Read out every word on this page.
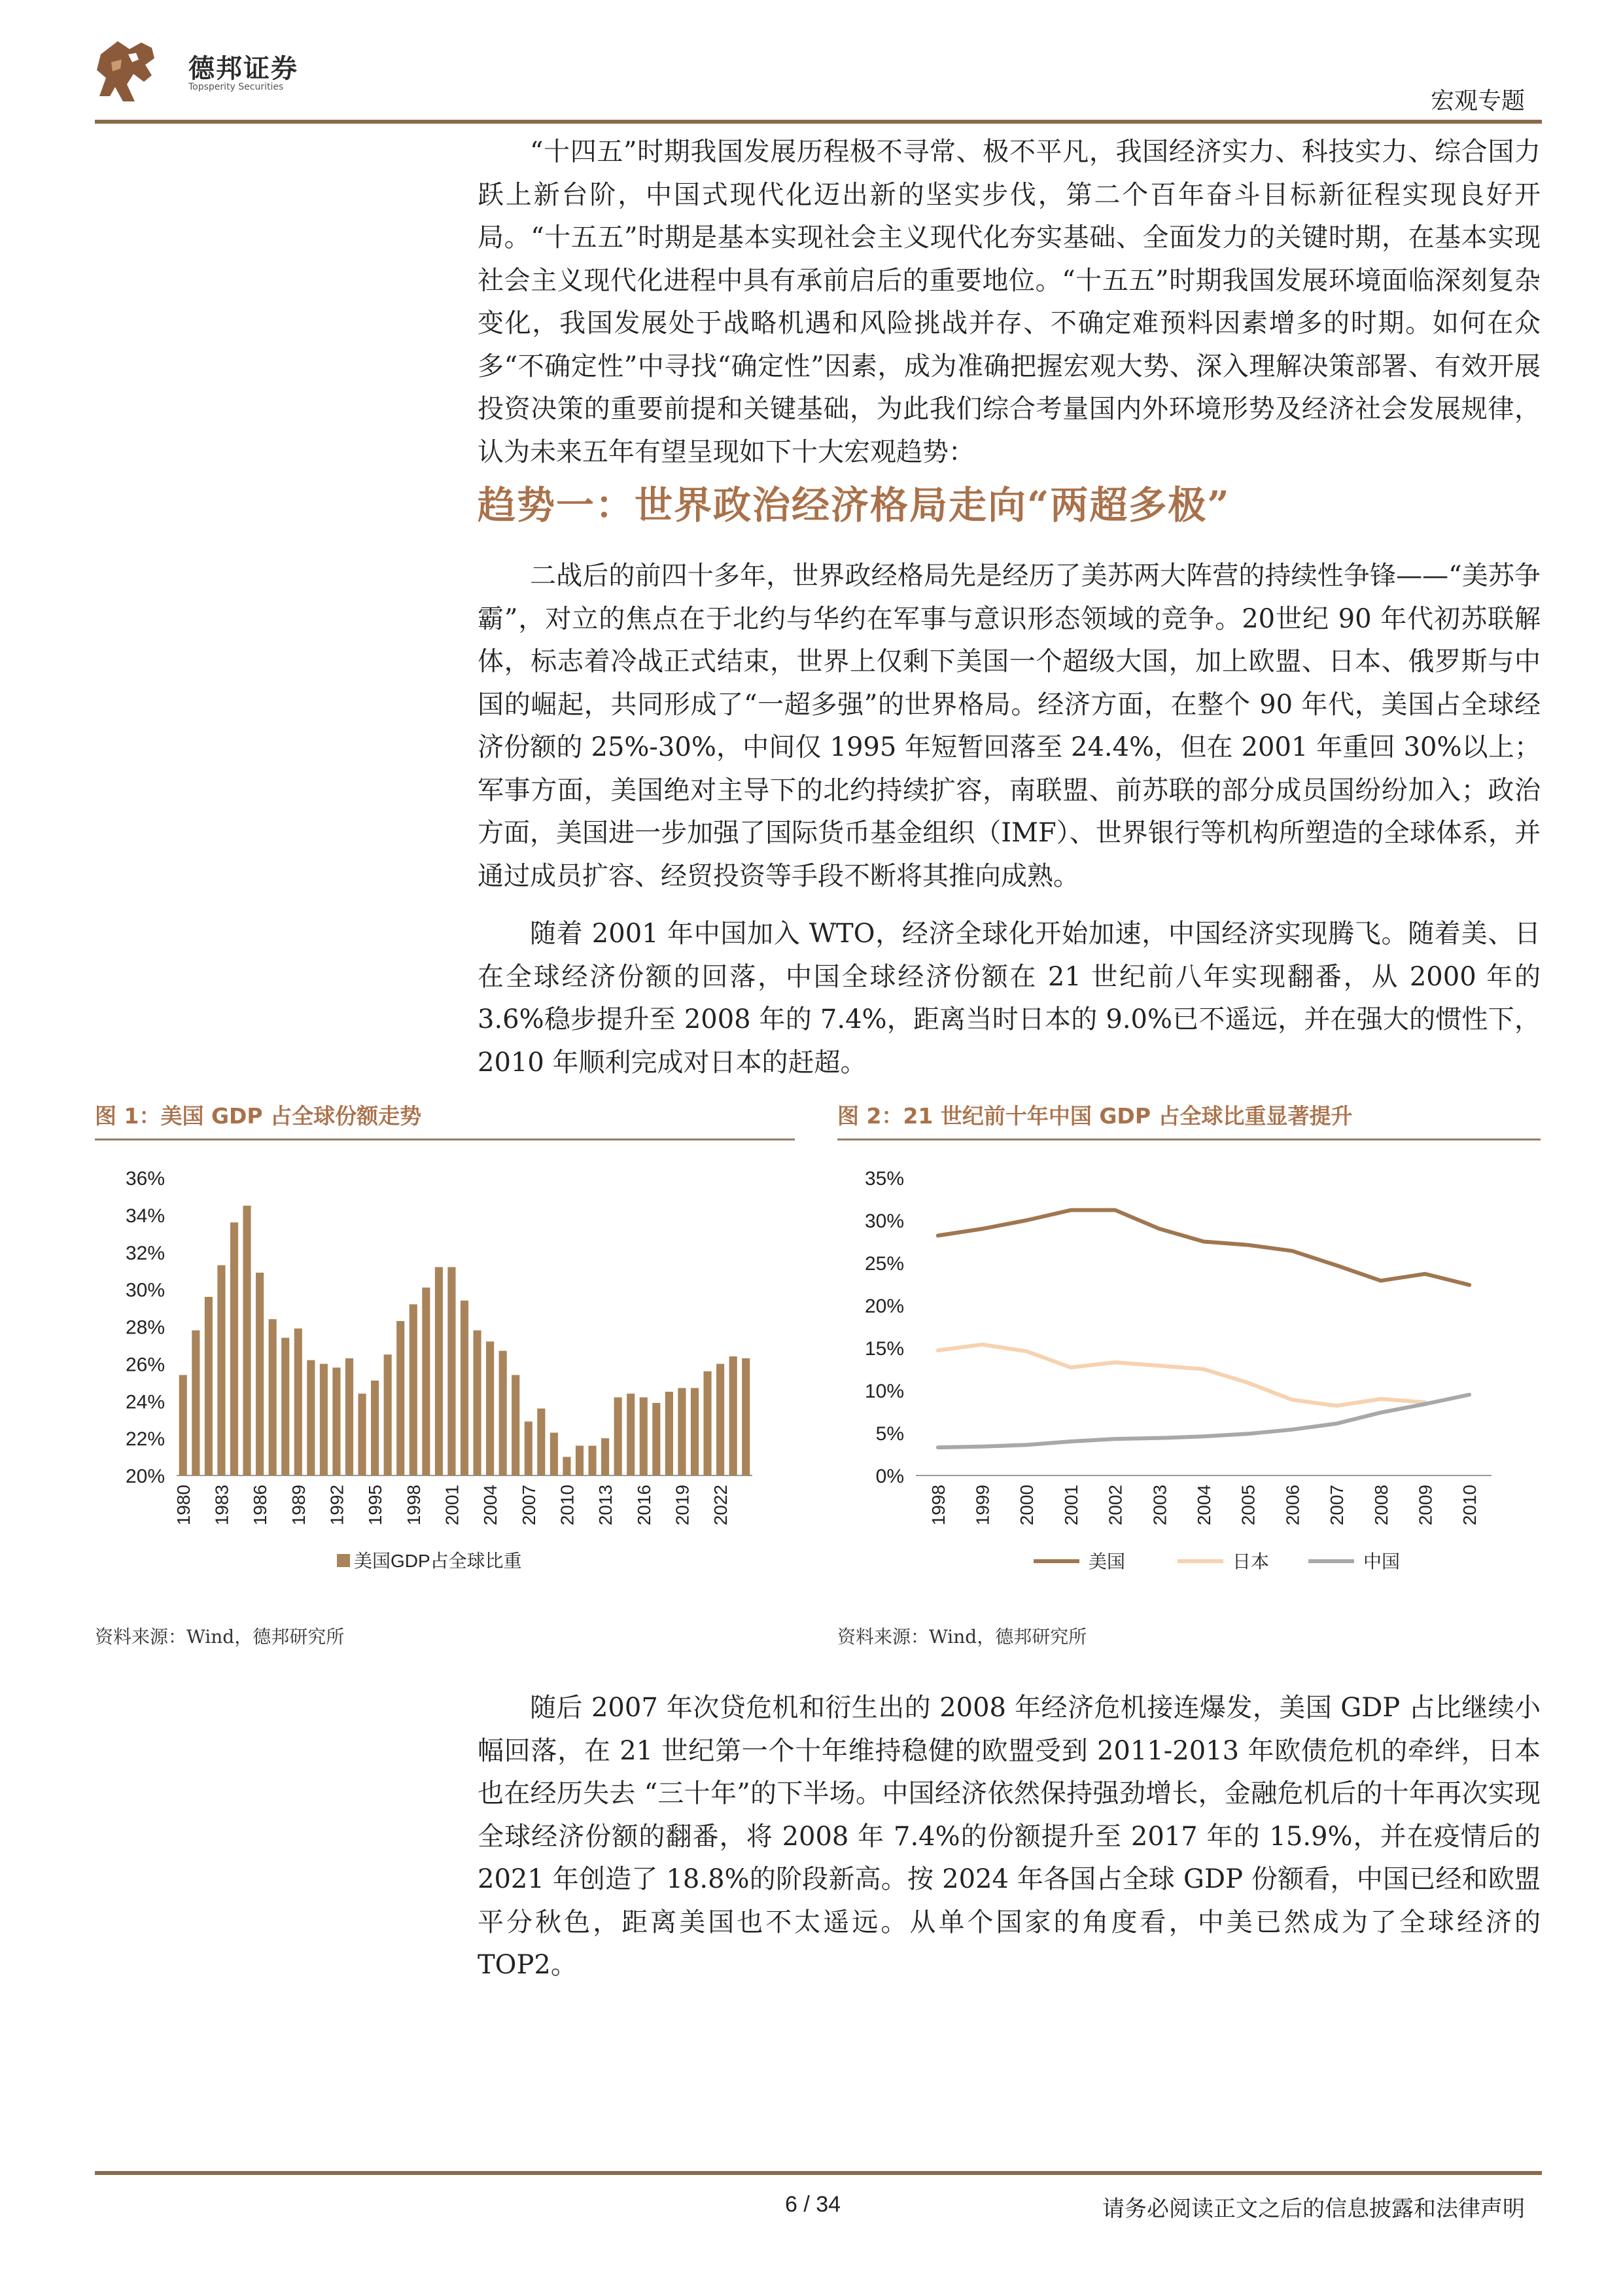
德邦证券
Topsperity Securities
宏观专题

“十四五”时期我国发展历程极不寻常、极不平凡，我国经济实力、科技实力、综合国力跃上新台阶，中国式现代化迈出新的坚实步伐，第二个百年奋斗目标新征程实现良好开局。“十五五”时期是基本实现社会主义现代化夯实基础、全面发力的关键时期，在基本实现社会主义现代化进程中具有承前启后的重要地位。“十五五”时期我国发展环境面临深刻复杂变化，我国发展处于战略机遇和风险挑战并存、不确定难预料因素增多的时期。如何在众多“不确定性”中寻找“确定性”因素，成为准确把握宏观大势、深入理解决策部署、有效开展投资决策的重要前提和关键基础，为此我们综合考量国内外环境形势及经济社会发展规律，认为未来五年有望呈现如下十大宏观趋势：

趋势一：世界政治经济格局走向“两超多极”

二战后的前四十多年，世界政经格局先是经历了美苏两大阵营的持续性争锋——“美苏争霸”，对立的焦点在于北约与华约在军事与意识形态领域的竞争。20世纪 90 年代初苏联解体，标志着冷战正式结束，世界上仅剩下美国一个超级大国，加上欧盟、日本、俄罗斯与中国的崛起，共同形成了“一超多强”的世界格局。经济方面，在整个 90 年代，美国占全球经济份额的 25%-30%，中间仅 1995 年短暂回落至 24.4%，但在 2001 年重回 30%以上；军事方面，美国绝对主导下的北约持续扩容，南联盟、前苏联的部分成员国纷纷加入；政治方面，美国进一步加强了国际货币基金组织（IMF）、世界银行等机构所塑造的全球体系，并通过成员扩容、经贸投资等手段不断将其推向成熟。

随着 2001 年中国加入 WTO，经济全球化开始加速，中国经济实现腾飞。随着美、日在全球经济份额的回落，中国全球经济份额在 21 世纪前八年实现翻番，从 2000 年的 3.6%稳步提升至 2008 年的 7.4%，距离当时日本的 9.0%已不遥远，并在强大的惯性下，2010 年顺利完成对日本的赶超。

图 1：美国 GDP 占全球份额走势
20%
22%
24%
26%
28%
30%
32%
34%
36%
1980 1983 1986 1989 1992 1995 1998 2001 2004 2007 2010 2013 2016 2019 2022
美国GDP占全球比重
资料来源：Wind，德邦研究所
图 2：21 世纪前十年中国 GDP 占全球比重显著提升
0%
5%
10%
15%
20%
25%
30%
35%
1998 1999 2000 2001 2002 2003 2004 2005 2006 2007 2008 2009 2010
美国	日本	中国
资料来源：Wind，德邦研究所

随后 2007 年次贷危机和衍生出的 2008 年经济危机接连爆发，美国 GDP 占比继续小幅回落，在 21 世纪第一个十年维持稳健的欧盟受到 2011-2013 年欧债危机的牵绊，日本也在经历失去 “三十年”的下半场。中国经济依然保持强劲增长，金融危机后的十年再次实现全球经济份额的翻番，将 2008 年 7.4%的份额提升至 2017 年的 15.9%，并在疫情后的 2021 年创造了 18.8%的阶段新高。按 2024 年各国占全球 GDP 份额看，中国已经和欧盟平分秋色，距离美国也不太遥远。从单个国家的角度看，中美已然成为了全球经济的 TOP2。

6 / 34	请务必阅读正文之后的信息披露和法律声明
